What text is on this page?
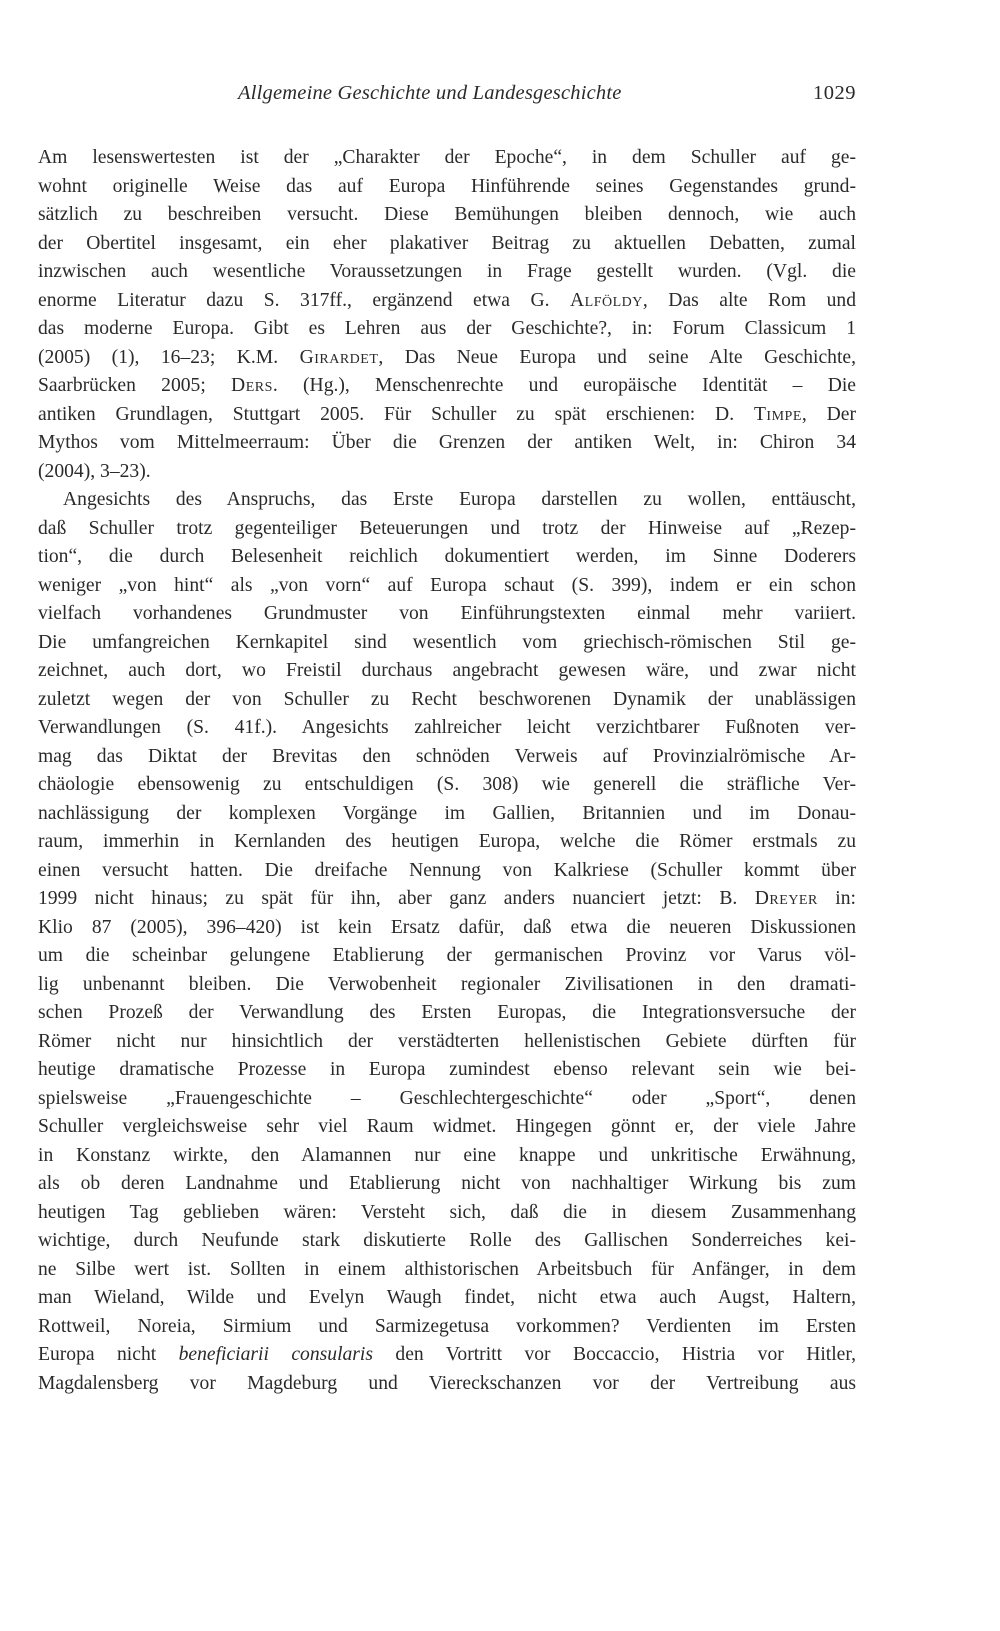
Allgemeine Geschichte und Landesgeschichte	1029

Am lesenswertesten ist der „Charakter der Epoche“, in dem Schuller auf ge-
wohnt originelle Weise das auf Europa Hinführende seines Gegenstandes grund-
sätzlich zu beschreiben versucht. Diese Bemühungen bleiben dennoch, wie auch
der Obertitel insgesamt, ein eher plakativer Beitrag zu aktuellen Debatten, zumal
inzwischen auch wesentliche Voraussetzungen in Frage gestellt wurden. (Vgl. die
enorme Literatur dazu S. 317ff., ergänzend etwa G. Alföldy, Das alte Rom und
das moderne Europa. Gibt es Lehren aus der Geschichte?, in: Forum Classicum 1
(2005) (1), 16–23; K.M. Girardet, Das Neue Europa und seine Alte Geschichte,
Saarbrücken 2005; Ders. (Hg.), Menschenrechte und europäische Identität – Die
antiken Grundlagen, Stuttgart 2005. Für Schuller zu spät erschienen: D. Timpe, Der
Mythos vom Mittelmeerraum: Über die Grenzen der antiken Welt, in: Chiron 34
(2004), 3–23).

Angesichts des Anspruchs, das Erste Europa darstellen zu wollen, enttäuscht,
daß Schuller trotz gegenteiliger Beteuerungen und trotz der Hinweise auf „Rezep-
tion“, die durch Belesenheit reichlich dokumentiert werden, im Sinne Doderers
weniger „von hint“ als „von vorn“ auf Europa schaut (S. 399), indem er ein schon
vielfach vorhandenes Grundmuster von Einführungstexten einmal mehr variiert.
Die umfangreichen Kernkapitel sind wesentlich vom griechisch-römischen Stil ge-
zeichnet, auch dort, wo Freistil durchaus angebracht gewesen wäre, und zwar nicht
zuletzt wegen der von Schuller zu Recht beschworenen Dynamik der unablässigen
Verwandlungen (S. 41f.). Angesichts zahlreicher leicht verzichtbarer Fußnoten ver-
mag das Diktat der Brevitas den schnöden Verweis auf Provinzialrömische Ar-
chäologie ebensowenig zu entschuldigen (S. 308) wie generell die sträfliche Ver-
nachlässigung der komplexen Vorgänge im Gallien, Britannien und im Donau-
raum, immerhin in Kernlanden des heutigen Europa, welche die Römer erstmals zu
einen versucht hatten. Die dreifache Nennung von Kalkriese (Schuller kommt über
1999 nicht hinaus; zu spät für ihn, aber ganz anders nuanciert jetzt: B. Dreyer in:
Klio 87 (2005), 396–420) ist kein Ersatz dafür, daß etwa die neueren Diskussionen
um die scheinbar gelungene Etablierung der germanischen Provinz vor Varus völ-
lig unbenannt bleiben. Die Verwobenheit regionaler Zivilisationen in den dramati-
schen Prozeß der Verwandlung des Ersten Europas, die Integrationsversuche der
Römer nicht nur hinsichtlich der verstädterten hellenistischen Gebiete dürften für
heutige dramatische Prozesse in Europa zumindest ebenso relevant sein wie bei-
spielsweise „Frauengeschichte – Geschlechtergeschichte“ oder „Sport“, denen
Schuller vergleichsweise sehr viel Raum widmet. Hingegen gönnt er, der viele Jahre
in Konstanz wirkte, den Alamannen nur eine knappe und unkritische Erwähnung,
als ob deren Landnahme und Etablierung nicht von nachhaltiger Wirkung bis zum
heutigen Tag geblieben wären: Versteht sich, daß die in diesem Zusammenhang
wichtige, durch Neufunde stark diskutierte Rolle des Gallischen Sonderreiches kei-
ne Silbe wert ist. Sollten in einem althistorischen Arbeitsbuch für Anfänger, in dem
man Wieland, Wilde und Evelyn Waugh findet, nicht etwa auch Augst, Haltern,
Rottweil, Noreia, Sirmium und Sarmizegetusa vorkommen? Verdienten im Ersten
Europa nicht beneficiarii consularis den Vortritt vor Boccaccio, Histria vor Hitler,
Magdalensberg vor Magdeburg und Viereckschanzen vor der Vertreibung aus
